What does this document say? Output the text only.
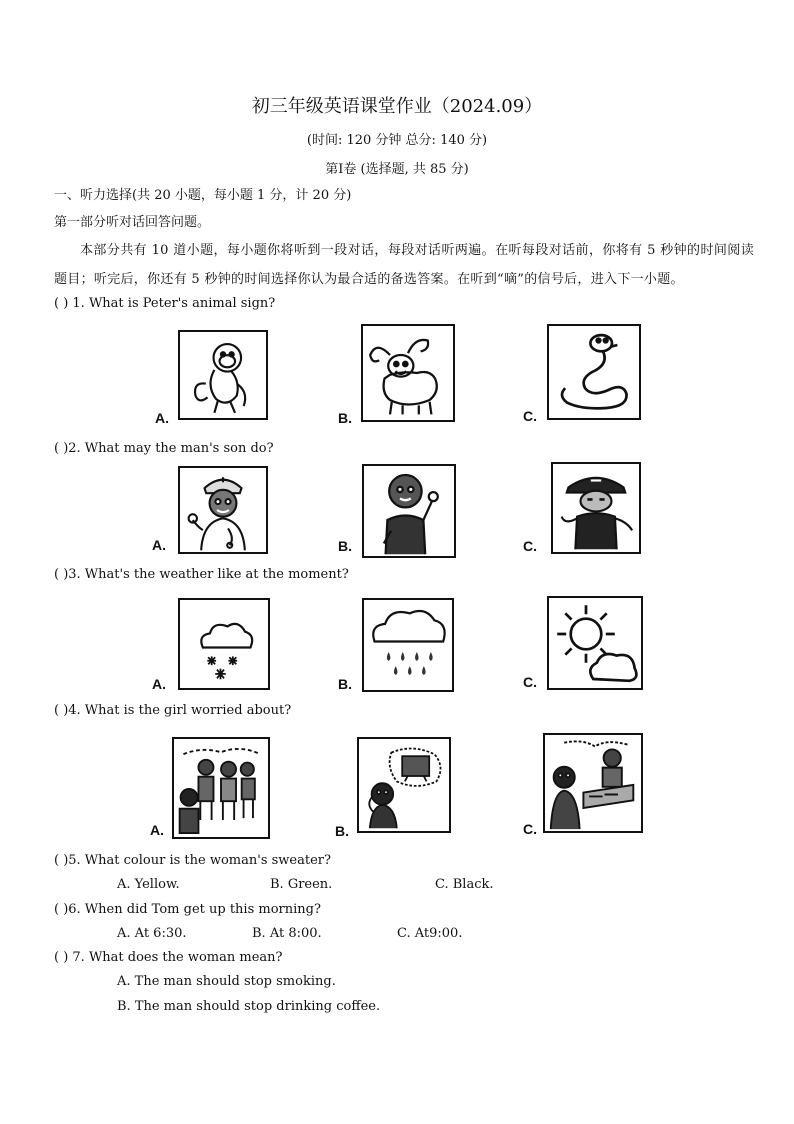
初三年级英语课堂作业（2024.09）
(时间: 120 分钟 总分: 140 分)
第Ⅰ卷 (选择题, 共 85 分)
一、听力选择(共 20 小题，每小题 1 分，计 20 分)
第一部分听对话回答问题。
本部分共有 10 道小题，每小题你将听到一段对话，每段对话听两遍。在听每段对话前，你将有 5 秒钟的时间阅读题目；听完后，你还有 5 秒钟的时间选择你认为最合适的备选答案。在听到“嘀”的信号后，进入下一小题。
( ) 1. What is Peter's animal sign?
A.	B.	C.
( )2. What may the man's son do?
A.	B.	C.
( )3. What's the weather like at the moment?
A.	B.	C.
( )4. What is the girl worried about?
A.	B.	C.
( )5. What colour is the woman's sweater?
A. Yellow.	B. Green.	C. Black.
( )6. When did Tom get up this morning?
A. At 6:30.	B. At 8:00.	C. At9:00.
( ) 7. What does the woman mean?
A. The man should stop smoking.
B. The man should stop drinking coffee.
